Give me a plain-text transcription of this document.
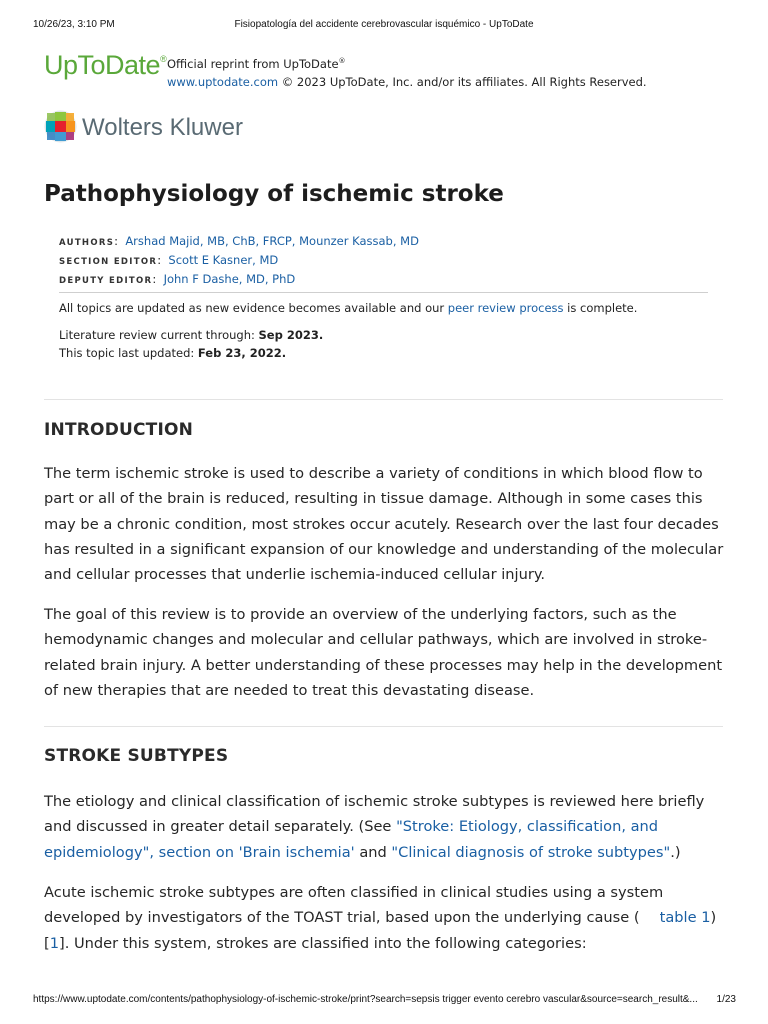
10/26/23, 3:10 PM	Fisiopatología del accidente cerebrovascular isquémico - UpToDate
UpToDate® Official reprint from UpToDate®
www.uptodate.com © 2023 UpToDate, Inc. and/or its affiliates. All Rights Reserved.
Wolters Kluwer
Pathophysiology of ischemic stroke
AUTHORS:  Arshad Majid, MB, ChB, FRCP, Mounzer Kassab, MD
SECTION EDITOR:  Scott E Kasner, MD
DEPUTY EDITOR:  John F Dashe, MD, PhD
All topics are updated as new evidence becomes available and our peer review process is complete.
Literature review current through: Sep 2023.
This topic last updated: Feb 23, 2022.
INTRODUCTION

The term ischemic stroke is used to describe a variety of conditions in which blood flow to part or all of the brain is reduced, resulting in tissue damage. Although in some cases this may be a chronic condition, most strokes occur acutely. Research over the last four decades has resulted in a significant expansion of our knowledge and understanding of the molecular and cellular processes that underlie ischemia-induced cellular injury.

The goal of this review is to provide an overview of the underlying factors, such as the hemodynamic changes and molecular and cellular pathways, which are involved in stroke-related brain injury. A better understanding of these processes may help in the development of new therapies that are needed to treat this devastating disease.

STROKE SUBTYPES

The etiology and clinical classification of ischemic stroke subtypes is reviewed here briefly and discussed in greater detail separately. (See "Stroke: Etiology, classification, and epidemiology", section on 'Brain ischemia' and "Clinical diagnosis of stroke subtypes".)

Acute ischemic stroke subtypes are often classified in clinical studies using a system developed by investigators of the TOAST trial, based upon the underlying cause ( table 1) [1]. Under this system, strokes are classified into the following categories:

https://www.uptodate.com/contents/pathophysiology-of-ischemic-stroke/print?search=sepsis trigger evento cerebro vascular&source=search_result&...	1/23
